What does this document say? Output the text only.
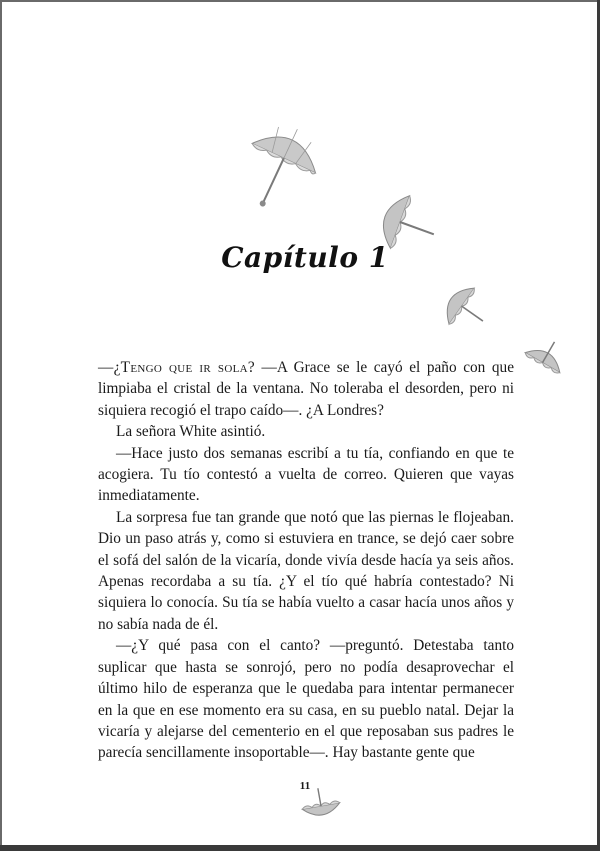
Capítulo 1

—¿Tengo que ir sola? —A Grace se le cayó el paño con que limpiaba el cristal de la ventana. No toleraba el desorden, pero ni siquiera recogió el trapo caído—. ¿A Londres?

La señora White asintió.

—Hace justo dos semanas escribí a tu tía, confiando en que te acogiera. Tu tío contestó a vuelta de correo. Quieren que vayas inmediatamente.

La sorpresa fue tan grande que notó que las piernas le flojeaban. Dio un paso atrás y, como si estuviera en trance, se dejó caer sobre el sofá del salón de la vicaría, donde vivía desde hacía ya seis años. Apenas recordaba a su tía. ¿Y el tío qué habría contestado? Ni siquiera lo conocía. Su tía se había vuelto a casar hacía unos años y no sabía nada de él.

—¿Y qué pasa con el canto? —preguntó. Detestaba tanto suplicar que hasta se sonrojó, pero no podía desaprovechar el último hilo de esperanza que le quedaba para intentar permanecer en la que en ese momento era su casa, en su pueblo natal. Dejar la vicaría y alejarse del cementerio en el que reposaban sus padres le parecía sencillamente insoportable—. Hay bastante gente que

11
